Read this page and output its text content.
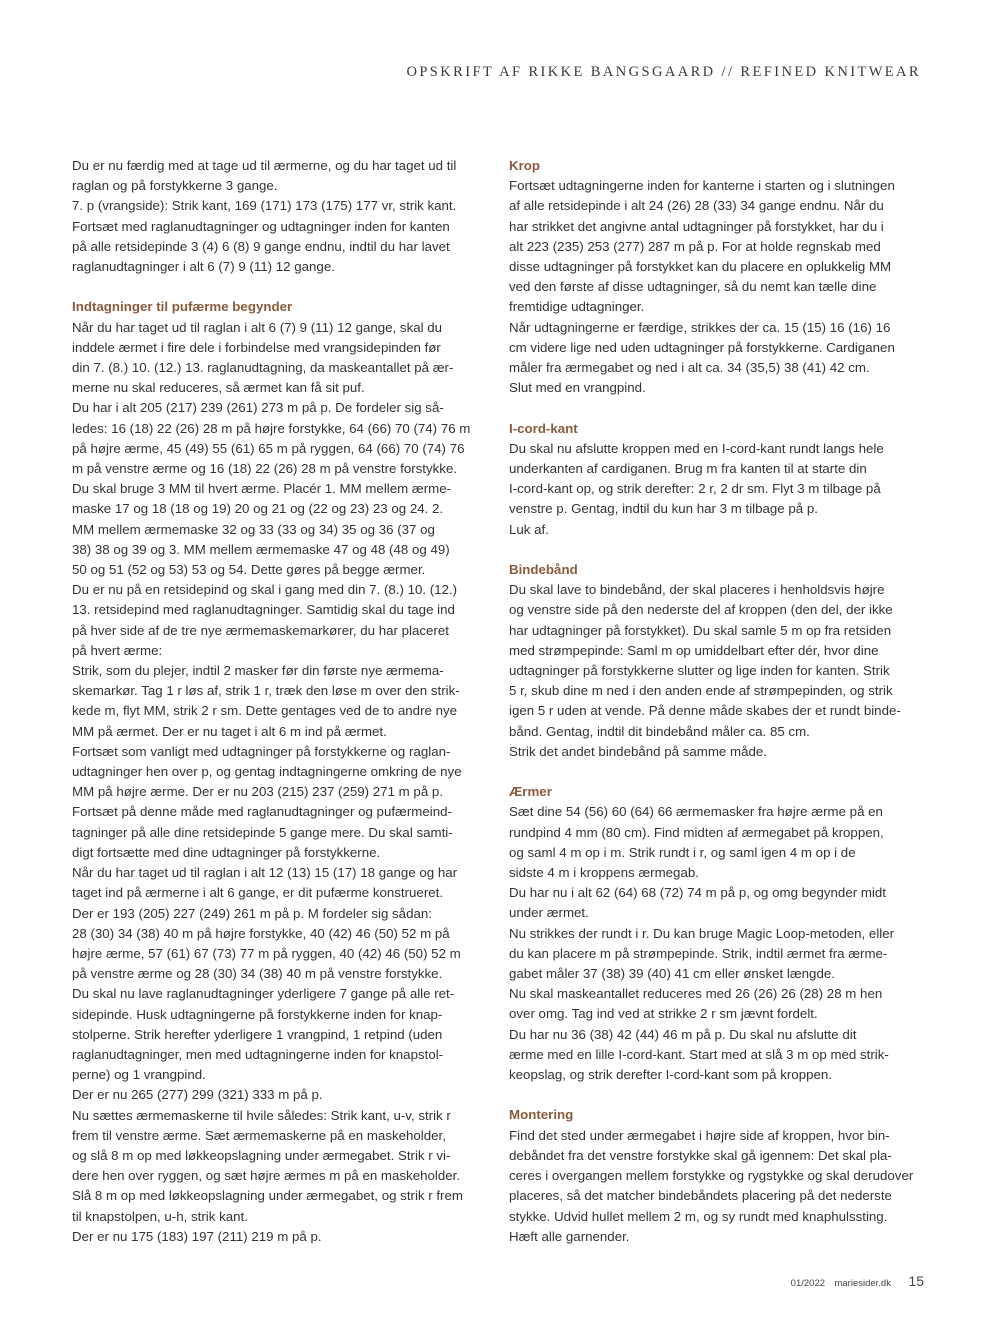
OPSKRIFT AF RIKKE BANGSGAARD // REFINED KNITWEAR
Du er nu færdig med at tage ud til ærmerne, og du har taget ud til
raglan og på forstykkerne 3 gange.
7. p (vrangside): Strik kant, 169 (171) 173 (175) 177 vr, strik kant.
Fortsæt med raglanudtagninger og udtagninger inden for kanten
på alle retsidepinde 3 (4) 6 (8) 9 gange endnu, indtil du har lavet
raglanudtagninger i alt 6 (7) 9 (11) 12 gange.
Indtagninger til pufærme begynder
Når du har taget ud til raglan i alt 6 (7) 9 (11) 12 gange, skal du
inddele ærmet i fire dele i forbindelse med vrangsidepinden før
din 7. (8.) 10. (12.) 13. raglanudtagning, da maskeantallet på ær-
merne nu skal reduceres, så ærmet kan få sit puf.
Du har i alt 205 (217) 239 (261) 273 m på p. De fordeler sig så-
ledes: 16 (18) 22 (26) 28 m på højre forstykke, 64 (66) 70 (74) 76 m
på højre ærme, 45 (49) 55 (61) 65 m på ryggen, 64 (66) 70 (74) 76
m på venstre ærme og 16 (18) 22 (26) 28 m på venstre forstykke.
Du skal bruge 3 MM til hvert ærme. Placér 1. MM mellem ærme-
maske 17 og 18 (18 og 19) 20 og 21 og (22 og 23) 23 og 24. 2.
MM mellem ærmemaske 32 og 33 (33 og 34) 35 og 36 (37 og
38) 38 og 39 og 3. MM mellem ærmemaske 47 og 48 (48 og 49)
50 og 51 (52 og 53) 53 og 54. Dette gøres på begge ærmer.
Du er nu på en retsidepind og skal i gang med din 7. (8.) 10. (12.)
13. retsidepind med raglanudtagninger. Samtidig skal du tage ind
på hver side af de tre nye ærmemaskemarkører, du har placeret
på hvert ærme:
Strik, som du plejer, indtil 2 masker før din første nye ærmema-
skemarkør. Tag 1 r løs af, strik 1 r, træk den løse m over den strik-
kede m, flyt MM, strik 2 r sm. Dette gentages ved de to andre nye
MM på ærmet. Der er nu taget i alt 6 m ind på ærmet.
Fortsæt som vanligt med udtagninger på forstykkerne og raglan-
udtagninger hen over p, og gentag indtagningerne omkring de nye
MM på højre ærme. Der er nu 203 (215) 237 (259) 271 m på p.
Fortsæt på denne måde med raglanudtagninger og pufærmeind-
tagninger på alle dine retsidepinde 5 gange mere. Du skal samti-
digt fortsætte med dine udtagninger på forstykkerne.
Når du har taget ud til raglan i alt 12 (13) 15 (17) 18 gange og har
taget ind på ærmerne i alt 6 gange, er dit pufærme konstrueret.
Der er 193 (205) 227 (249) 261 m på p. M fordeler sig sådan:
28 (30) 34 (38) 40 m på højre forstykke, 40 (42) 46 (50) 52 m på
højre ærme, 57 (61) 67 (73) 77 m på ryggen, 40 (42) 46 (50) 52 m
på venstre ærme og 28 (30) 34 (38) 40 m på venstre forstykke.
Du skal nu lave raglanudtagninger yderligere 7 gange på alle ret-
sidepinde. Husk udtagningerne på forstykkerne inden for knap-
stolperne. Strik herefter yderligere 1 vrangpind, 1 retpind (uden
raglanudtagninger, men med udtagningerne inden for knapstol-
perne) og 1 vrangpind.
Der er nu 265 (277) 299 (321) 333 m på p.
Nu sættes ærmemaskerne til hvile således: Strik kant, u-v, strik r
frem til venstre ærme. Sæt ærmemaskerne på en maskeholder,
og slå 8 m op med løkkeopslagning under ærmegabet. Strik r vi-
dere hen over ryggen, og sæt højre ærmes m på en maskeholder.
Slå 8 m op med løkkeopslagning under ærmegabet, og strik r frem
til knapstolpen, u-h, strik kant.
Der er nu 175 (183) 197 (211) 219 m på p.
Krop
Fortsæt udtagningerne inden for kanterne i starten og i slutningen
af alle retsidepinde i alt 24 (26) 28 (33) 34 gange endnu. Når du
har strikket det angivne antal udtagninger på forstykket, har du i
alt 223 (235) 253 (277) 287 m på p. For at holde regnskab med
disse udtagninger på forstykket kan du placere en oplukkelig MM
ved den første af disse udtagninger, så du nemt kan tælle dine
fremtidige udtagninger.
Når udtagningerne er færdige, strikkes der ca. 15 (15) 16 (16) 16
cm videre lige ned uden udtagninger på forstykkerne. Cardiganen
måler fra ærmegabet og ned i alt ca. 34 (35,5) 38 (41) 42 cm.
Slut med en vrangpind.
I-cord-kant
Du skal nu afslutte kroppen med en I-cord-kant rundt langs hele
underkanten af cardiganen. Brug m fra kanten til at starte din
I-cord-kant op, og strik derefter: 2 r, 2 dr sm. Flyt 3 m tilbage på
venstre p. Gentag, indtil du kun har 3 m tilbage på p.
Luk af.
Bindebånd
Du skal lave to bindebånd, der skal placeres i henholdsvis højre
og venstre side på den nederste del af kroppen (den del, der ikke
har udtagninger på forstykket). Du skal samle 5 m op fra retsiden
med strømpepinde: Saml m op umiddelbart efter dér, hvor dine
udtagninger på forstykkerne slutter og lige inden for kanten. Strik
5 r, skub dine m ned i den anden ende af strømpepinden, og strik
igen 5 r uden at vende. På denne måde skabes der et rundt binde-
bånd. Gentag, indtil dit bindebånd måler ca. 85 cm.
Strik det andet bindebånd på samme måde.
Ærmer
Sæt dine 54 (56) 60 (64) 66 ærmemasker fra højre ærme på en
rundpind 4 mm (80 cm). Find midten af ærmegabet på kroppen,
og saml 4 m op i m. Strik rundt i r, og saml igen 4 m op i de
sidste 4 m i kroppens ærmegab.
Du har nu i alt 62 (64) 68 (72) 74 m på p, og omg begynder midt
under ærmet.
Nu strikkes der rundt i r. Du kan bruge Magic Loop-metoden, eller
du kan placere m på strømpepinde. Strik, indtil ærmet fra ærme-
gabet måler 37 (38) 39 (40) 41 cm eller ønsket længde.
Nu skal maskeantallet reduceres med 26 (26) 26 (28) 28 m hen
over omg. Tag ind ved at strikke 2 r sm jævnt fordelt.
Du har nu 36 (38) 42 (44) 46 m på p. Du skal nu afslutte dit
ærme med en lille I-cord-kant. Start med at slå 3 m op med strik-
keopslag, og strik derefter I-cord-kant som på kroppen.
Montering
Find det sted under ærmegabet i højre side af kroppen, hvor bin-
debåndet fra det venstre forstykke skal gå igennem: Det skal pla-
ceres i overgangen mellem forstykke og rygstykke og skal derudover
placeres, så det matcher bindebåndets placering på det nederste
stykke. Udvid hullet mellem 2 m, og sy rundt med knaphulssting.
Hæft alle garnender.
01/2022 mariesider.dk 15
